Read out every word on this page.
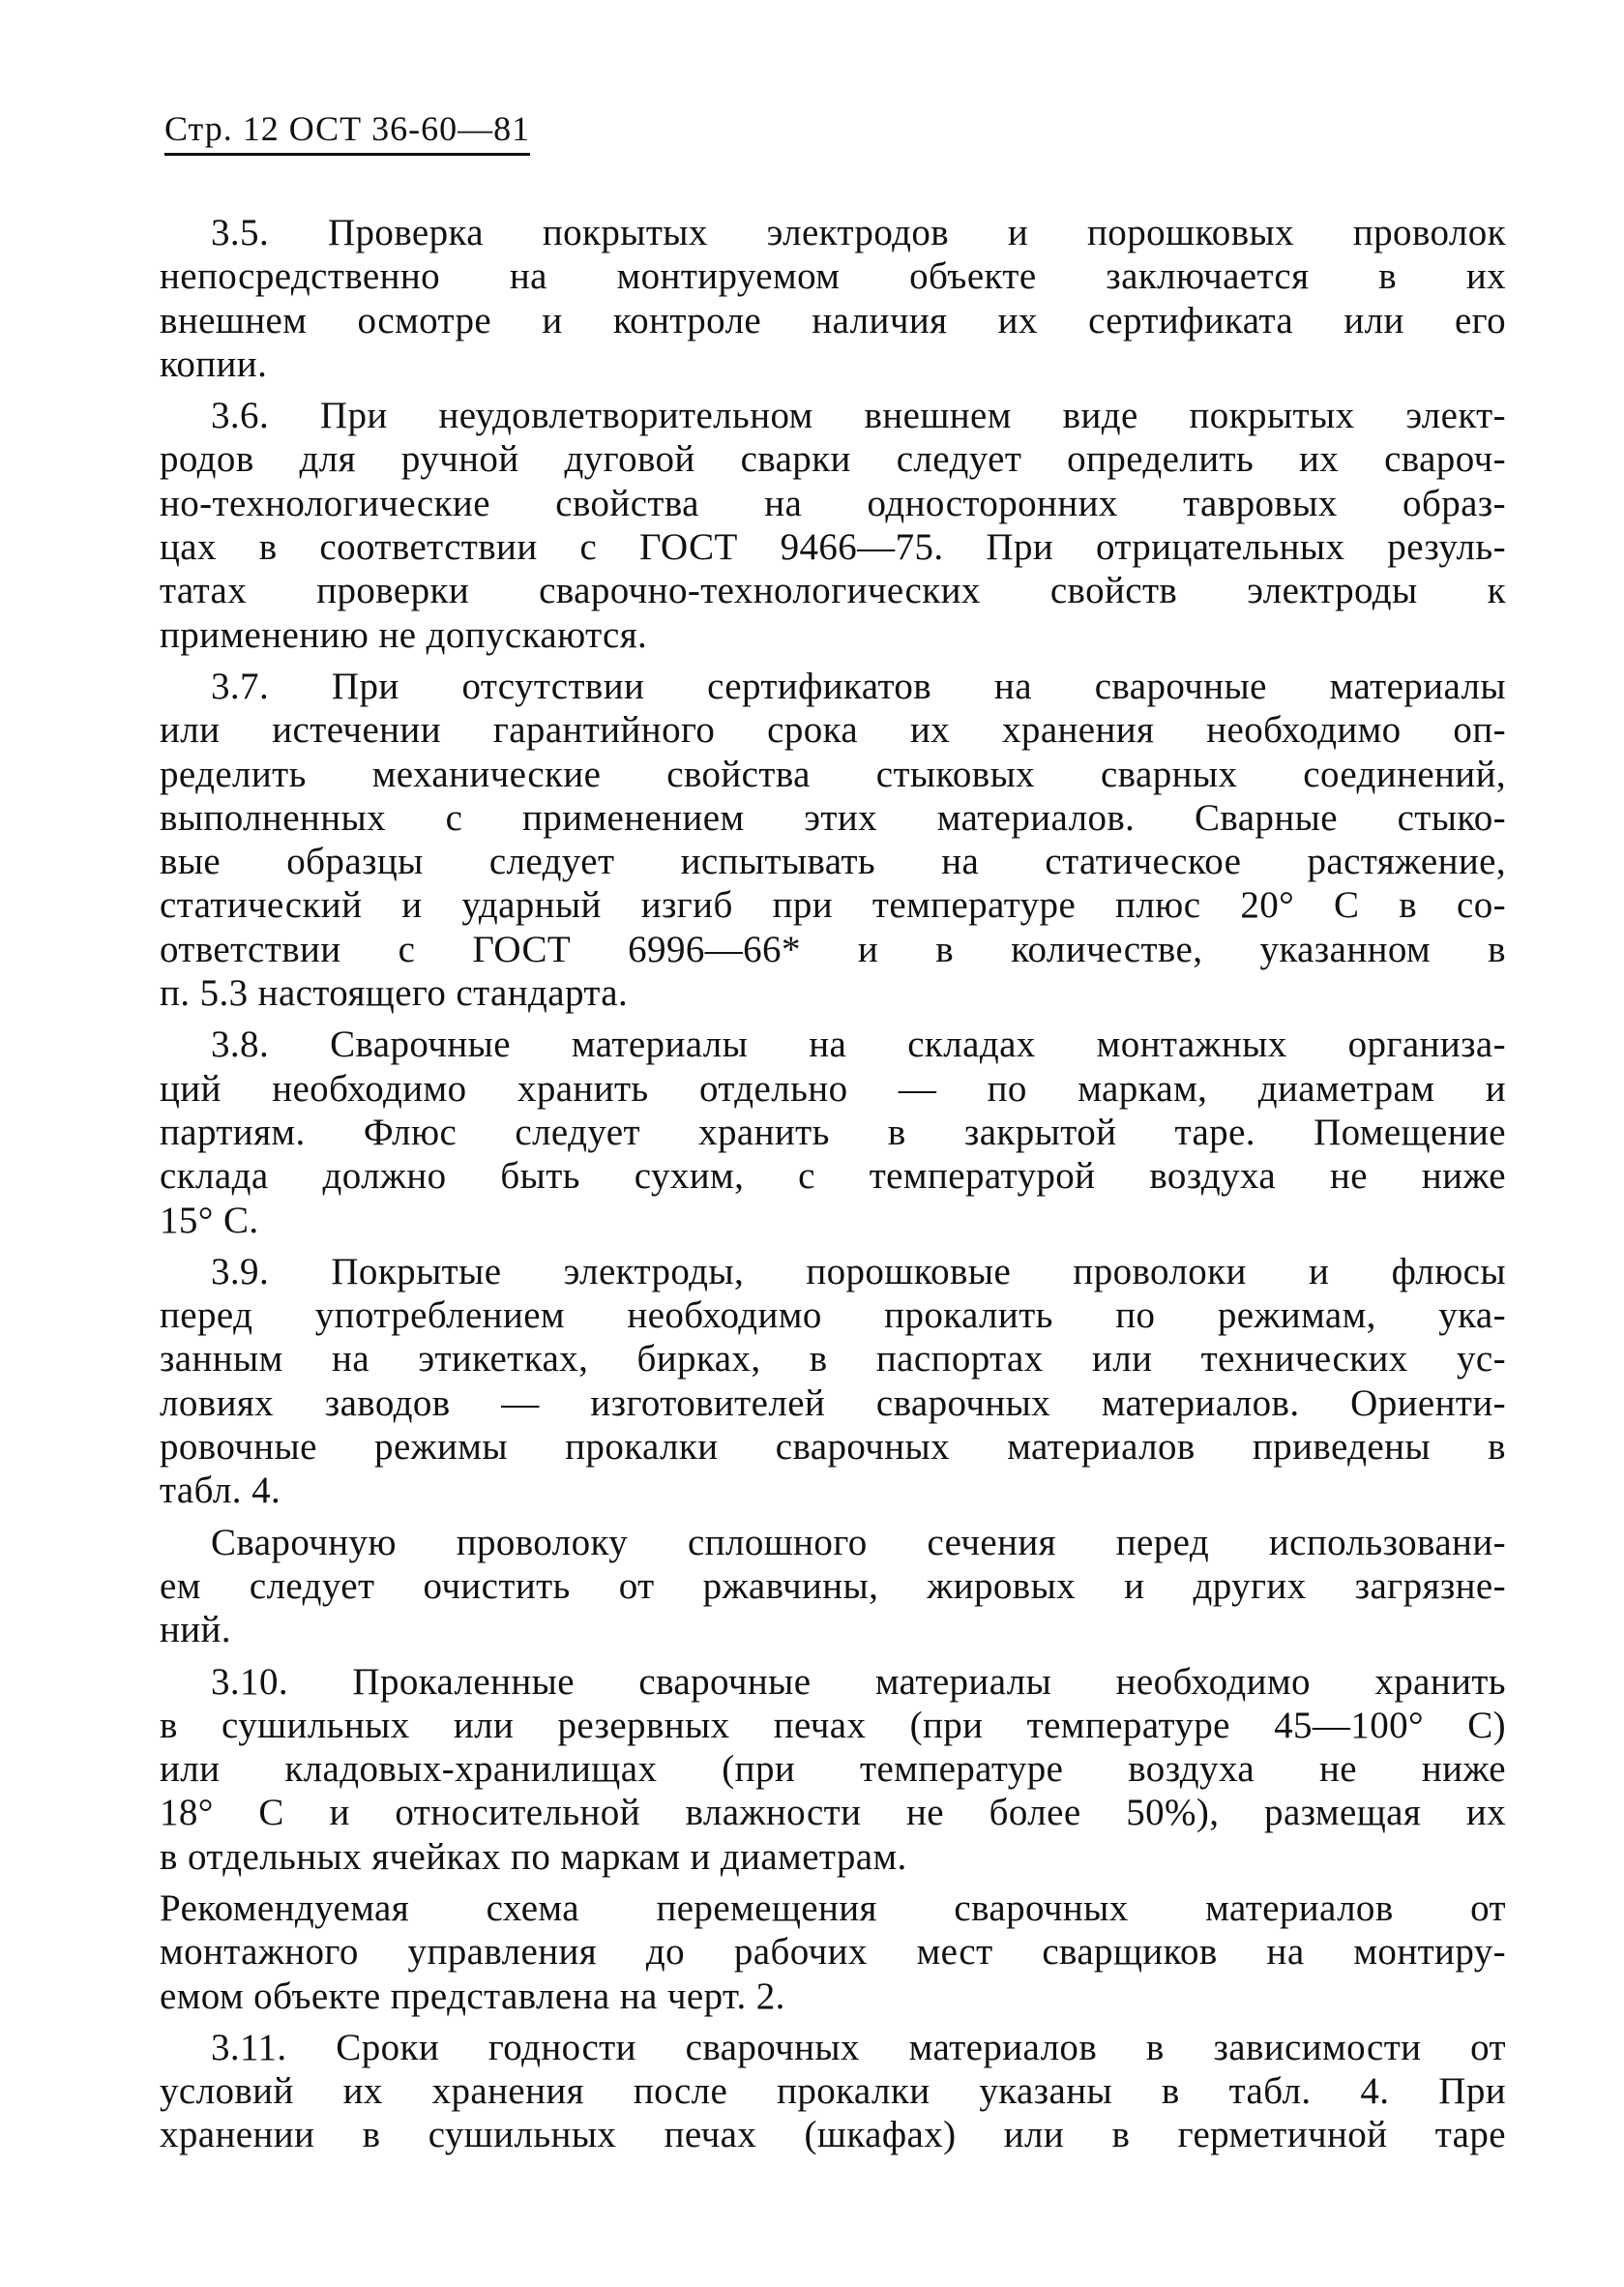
Стр. 12 ОСТ 36-60—81
3.5. Проверка покрытых электродов и порошковых проволок
непосредственно на монтируемом объекте заключается в их
внешнем осмотре и контроле наличия их сертификата или его
копии.
3.6. При неудовлетворительном внешнем виде покрытых элект-
родов для ручной дуговой сварки следует определить их свароч-
но-технологические свойства на односторонних тавровых образ-
цах в соответствии с ГОСТ 9466—75. При отрицательных резуль-
татах проверки сварочно-технологических свойств электроды к
применению не допускаются.
3.7. При отсутствии сертификатов на сварочные материалы
или истечении гарантийного срока их хранения необходимо оп-
ределить механические свойства стыковых сварных соединений,
выполненных с применением этих материалов. Сварные стыко-
вые образцы следует испытывать на статическое растяжение,
статический и ударный изгиб при температуре плюс 20° С в со-
ответствии с ГОСТ 6996—66* и в количестве, указанном в
п. 5.3 настоящего стандарта.
3.8. Сварочные материалы на складах монтажных организа-
ций необходимо хранить отдельно — по маркам, диаметрам и
партиям. Флюс следует хранить в закрытой таре. Помещение
склада должно быть сухим, с температурой воздуха не ниже
15° С.
3.9. Покрытые электроды, порошковые проволоки и флюсы
перед употреблением необходимо прокалить по режимам, ука-
занным на этикетках, бирках, в паспортах или технических ус-
ловиях заводов — изготовителей сварочных материалов. Ориенти-
ровочные режимы прокалки сварочных материалов приведены в
табл. 4.
Сварочную проволоку сплошного сечения перед использовани-
ем следует очистить от ржавчины, жировых и других загрязне-
ний.
3.10. Прокаленные сварочные материалы необходимо хранить
в сушильных или резервных печах (при температуре 45—100° С)
или кладовых-хранилищах (при температуре воздуха не ниже
18° С и относительной влажности не более 50%), размещая их
в отдельных ячейках по маркам и диаметрам.
Рекомендуемая схема перемещения сварочных материалов от
монтажного управления до рабочих мест сварщиков на монтиру-
емом объекте представлена на черт. 2.
3.11. Сроки годности сварочных материалов в зависимости от
условий их хранения после прокалки указаны в табл. 4. При
хранении в сушильных печах (шкафах) или в герметичной таре
